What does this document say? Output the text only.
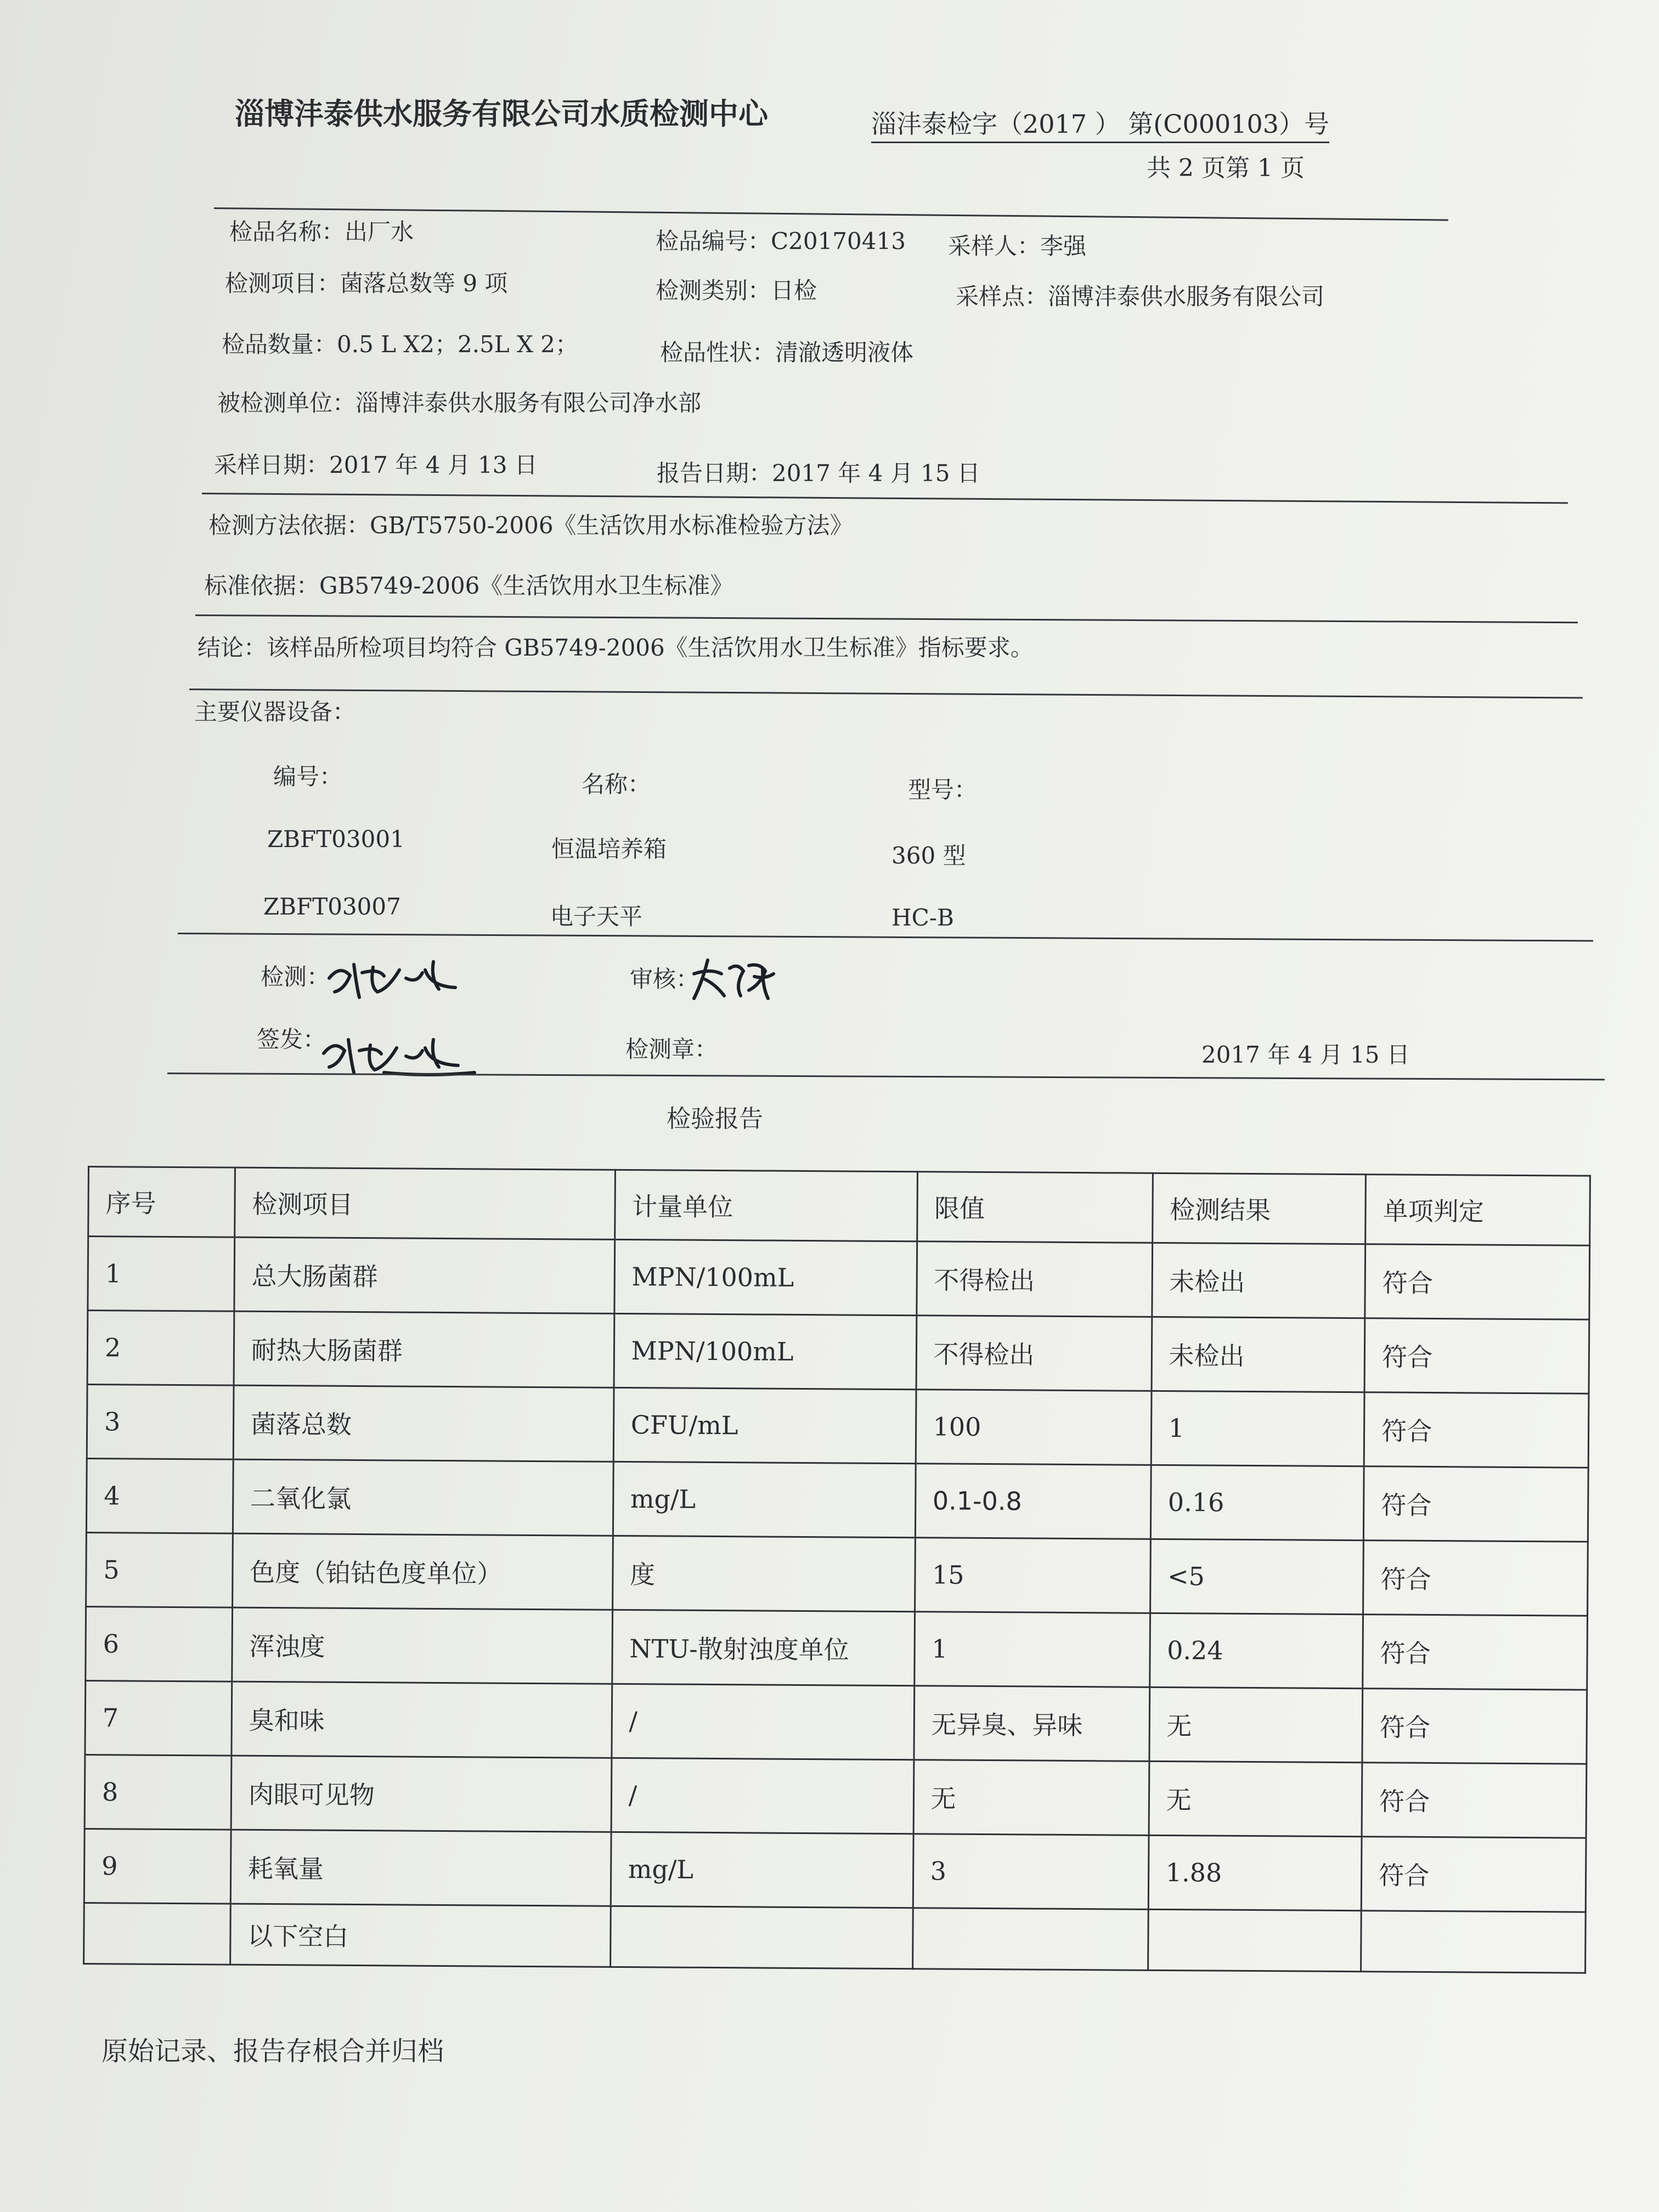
淄博沣泰供水服务有限公司水质检测中心	淄沣泰检字（2017 ） 第(C000103）号
共 2 页第 1 页
检品名称：出厂水	检品编号：C20170413 采样人：李强
检测项目：菌落总数等 9 项	检测类别：日检	采样点：淄博沣泰供水服务有限公司
检品数量：0.5 L X2；2.5L X 2；	检品性状：清澈透明液体
被检测单位：淄博沣泰供水服务有限公司净水部
采样日期：2017 年 4 月 13 日	报告日期：2017 年 4 月 15 日
检测方法依据：GB/T5750-2006《生活饮用水标准检验方法》
标准依据：GB5749-2006《生活饮用水卫生标准》
结论：该样品所检项目均符合 GB5749-2006《生活饮用水卫生标准》指标要求。
主要仪器设备：
编号：	名称：	型号：
ZBFT03001	恒温培养箱	360 型
ZBFT03007	电子天平	HC-B
检测：	审核：
签发：	检测章：	2017 年 4 月 15 日
检验报告
序号	检测项目	计量单位	限值	检测结果	单项判定
1	总大肠菌群	MPN/100mL	不得检出	未检出	符合
2	耐热大肠菌群	MPN/100mL	不得检出	未检出	符合
3	菌落总数	CFU/mL	100	1	符合
4	二氧化氯	mg/L	0.1-0.8	0.16	符合
5	色度（铂钴色度单位）	度	15	<5	符合
6	浑浊度	NTU-散射浊度单位	1	0.24	符合
7	臭和味	/	无异臭、异味	无	符合
8	肉眼可见物	/	无	无	符合
9	耗氧量	mg/L	3	1.88	符合
	以下空白				
原始记录、报告存根合并归档
